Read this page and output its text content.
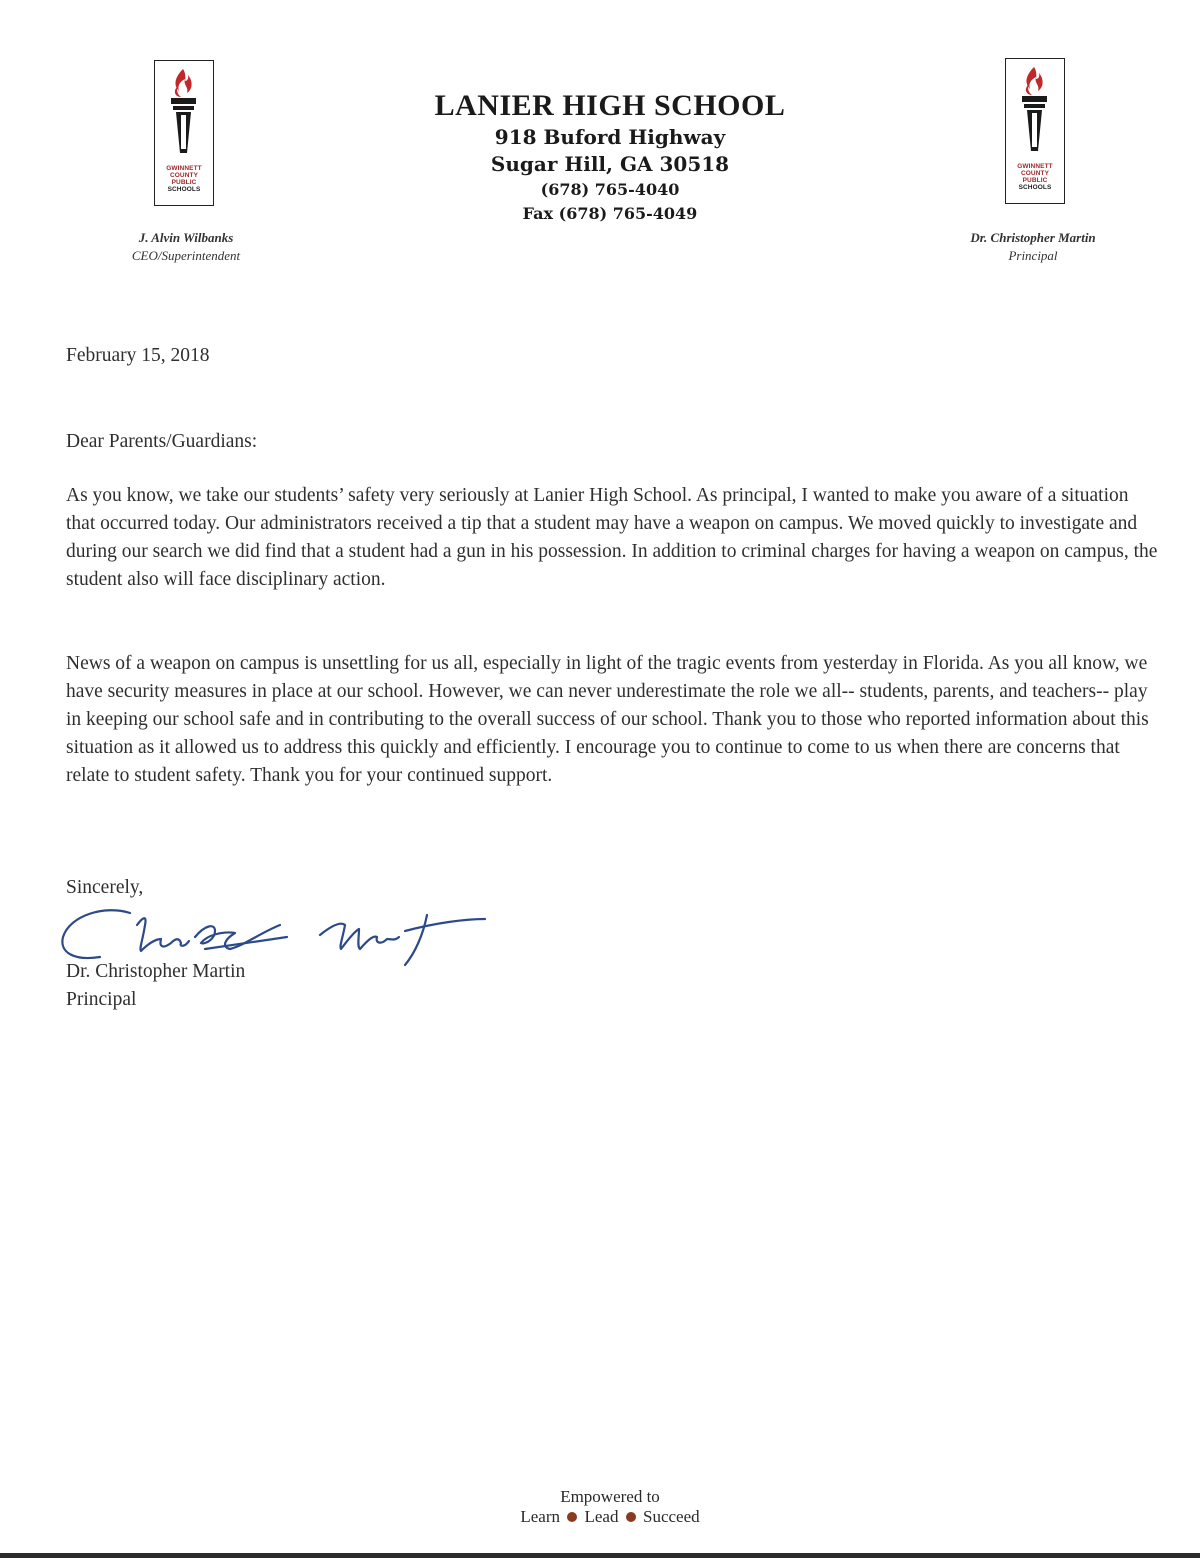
GWINNETT
COUNTY
PUBLIC
SCHOOLS
J. Alvin Wilbanks
CEO/Superintendent
LANIER HIGH SCHOOL
918 Buford Highway
Sugar Hill, GA 30518
(678) 765-4040
Fax (678) 765-4049
GWINNETT
COUNTY
PUBLIC
SCHOOLS
Dr. Christopher Martin
Principal
February 15, 2018
Dear Parents/Guardians:
As you know, we take our students’ safety very seriously at Lanier High School. As principal, I wanted to make you aware of a situation that occurred today. Our administrators received a tip that a student may have a weapon on campus. We moved quickly to investigate and during our search we did find that a student had a gun in his possession. In addition to criminal charges for having a weapon on campus, the student also will face disciplinary action.
News of a weapon on campus is unsettling for us all, especially in light of the tragic events from yesterday in Florida. As you all know, we have security measures in place at our school. However, we can never underestimate the role we all-- students, parents, and teachers-- play in keeping our school safe and in contributing to the overall success of our school. Thank you to those who reported information about this situation as it allowed us to address this quickly and efficiently. I encourage you to continue to come to us when there are concerns that relate to student safety. Thank you for your continued support.
Sincerely,
Dr. Christopher Martin
Principal
Empowered to
Learn Lead Succeed
